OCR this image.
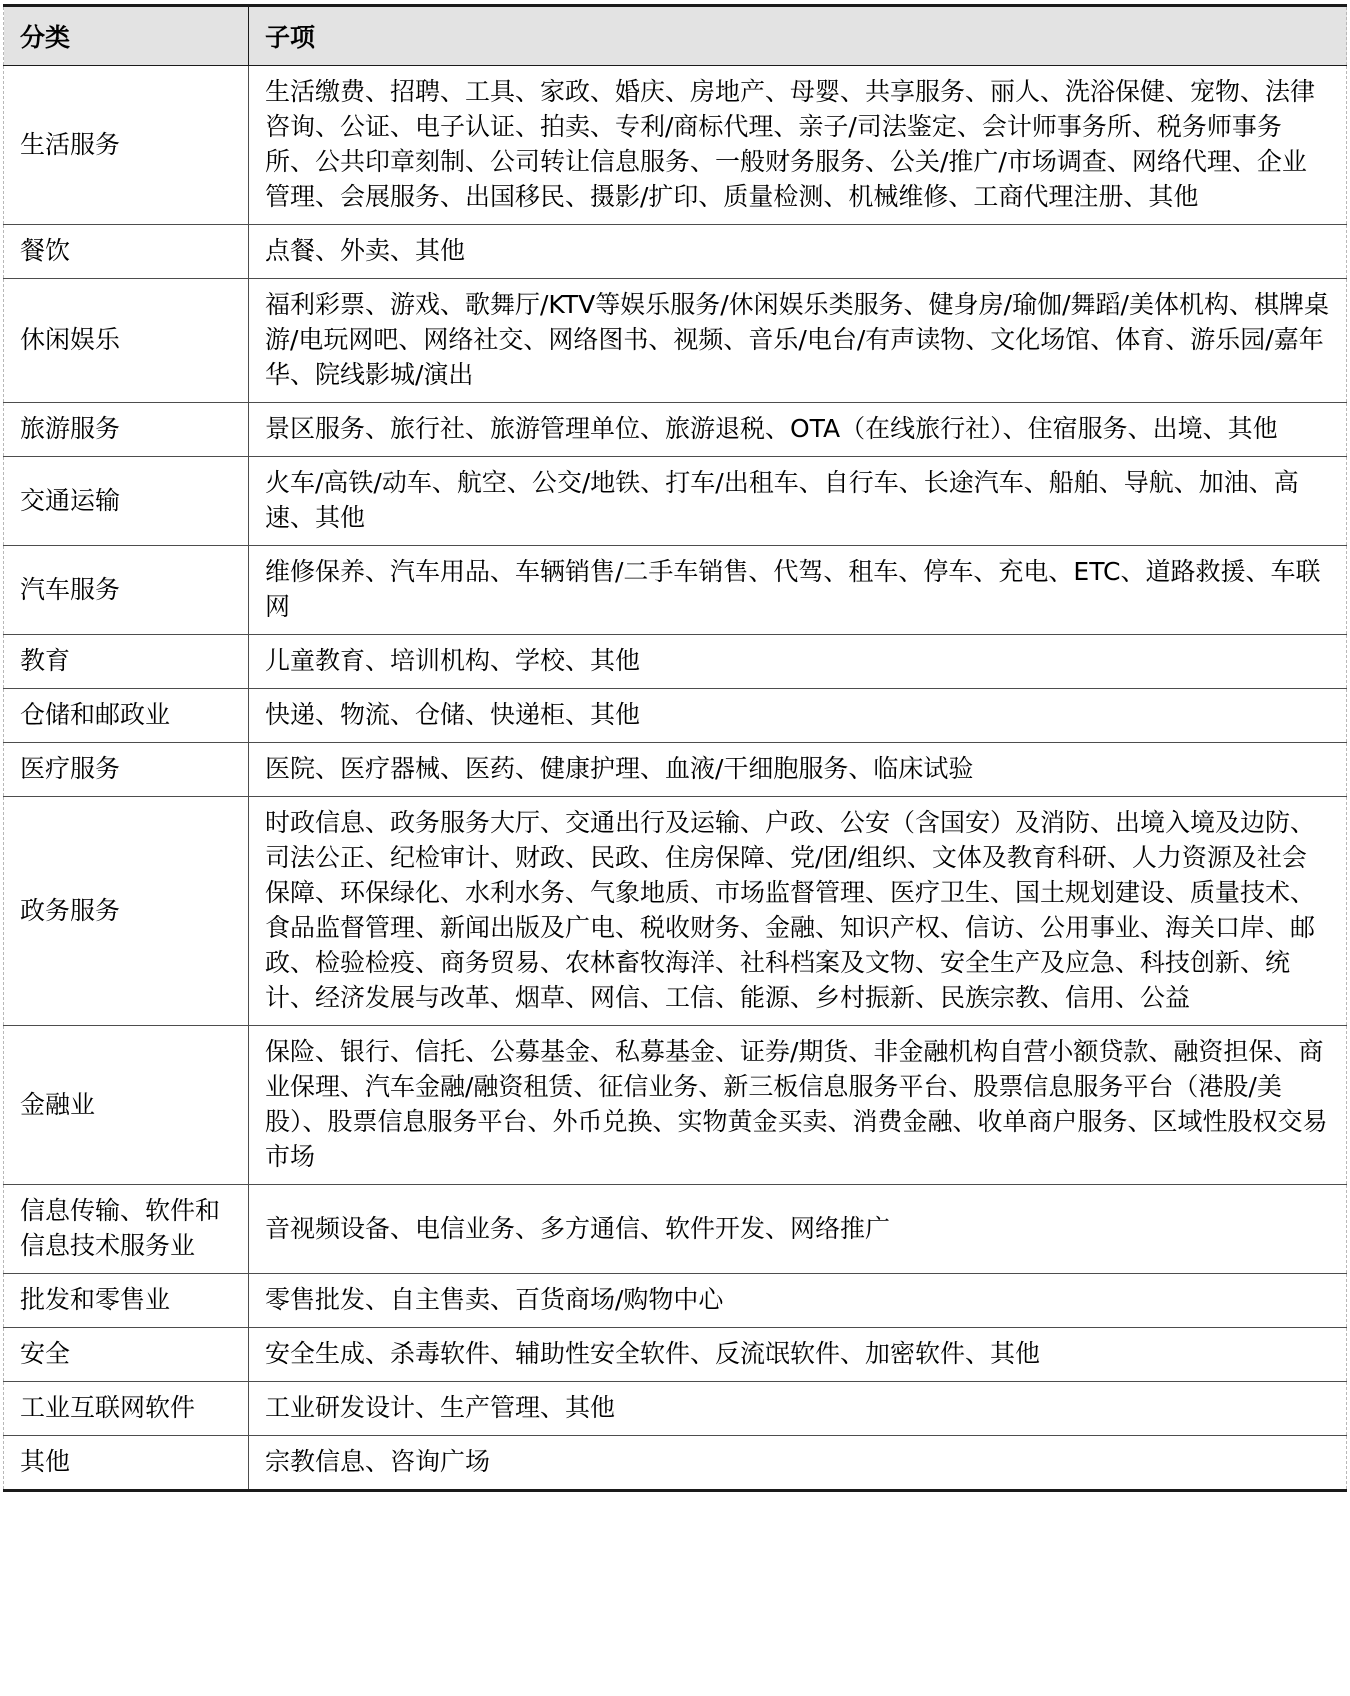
分类	子项
生活服务	生活缴费、招聘、工具、家政、婚庆、房地产、母婴、共享服务、丽人、洗浴保健、宠物、法律咨询、公证、电子认证、拍卖、专利/商标代理、亲子/司法鉴定、会计师事务所、税务师事务所、公共印章刻制、公司转让信息服务、一般财务服务、公关/推广/市场调查、网络代理、企业管理、会展服务、出国移民、摄影/扩印、质量检测、机械维修、工商代理注册、其他
餐饮	点餐、外卖、其他
休闲娱乐	福利彩票、游戏、歌舞厅/KTV等娱乐服务/休闲娱乐类服务、健身房/瑜伽/舞蹈/美体机构、棋牌桌游/电玩网吧、网络社交、网络图书、视频、音乐/电台/有声读物、文化场馆、体育、游乐园/嘉年华、院线影城/演出
旅游服务	景区服务、旅行社、旅游管理单位、旅游退税、OTA（在线旅行社）、住宿服务、出境、其他
交通运输	火车/高铁/动车、航空、公交/地铁、打车/出租车、自行车、长途汽车、船舶、导航、加油、高速、其他
汽车服务	维修保养、汽车用品、车辆销售/二手车销售、代驾、租车、停车、充电、ETC、道路救援、车联网
教育	儿童教育、培训机构、学校、其他
仓储和邮政业	快递、物流、仓储、快递柜、其他
医疗服务	医院、医疗器械、医药、健康护理、血液/干细胞服务、临床试验
政务服务	时政信息、政务服务大厅、交通出行及运输、户政、公安（含国安）及消防、出境入境及边防、司法公正、纪检审计、财政、民政、住房保障、党/团/组织、文体及教育科研、人力资源及社会保障、环保绿化、水利水务、气象地质、市场监督管理、医疗卫生、国土规划建设、质量技术、食品监督管理、新闻出版及广电、税收财务、金融、知识产权、信访、公用事业、海关口岸、邮政、检验检疫、商务贸易、农林畜牧海洋、社科档案及文物、安全生产及应急、科技创新、统计、经济发展与改革、烟草、网信、工信、能源、乡村振新、民族宗教、信用、公益
金融业	保险、银行、信托、公募基金、私募基金、证券/期货、非金融机构自营小额贷款、融资担保、商业保理、汽车金融/融资租赁、征信业务、新三板信息服务平台、股票信息服务平台（港股/美股）、股票信息服务平台、外币兑换、实物黄金买卖、消费金融、收单商户服务、区域性股权交易市场
信息传输、软件和信息技术服务业	音视频设备、电信业务、多方通信、软件开发、网络推广
批发和零售业	零售批发、自主售卖、百货商场/购物中心
安全	安全生成、杀毒软件、辅助性安全软件、反流氓软件、加密软件、其他
工业互联网软件	工业研发设计、生产管理、其他
其他	宗教信息、咨询广场
